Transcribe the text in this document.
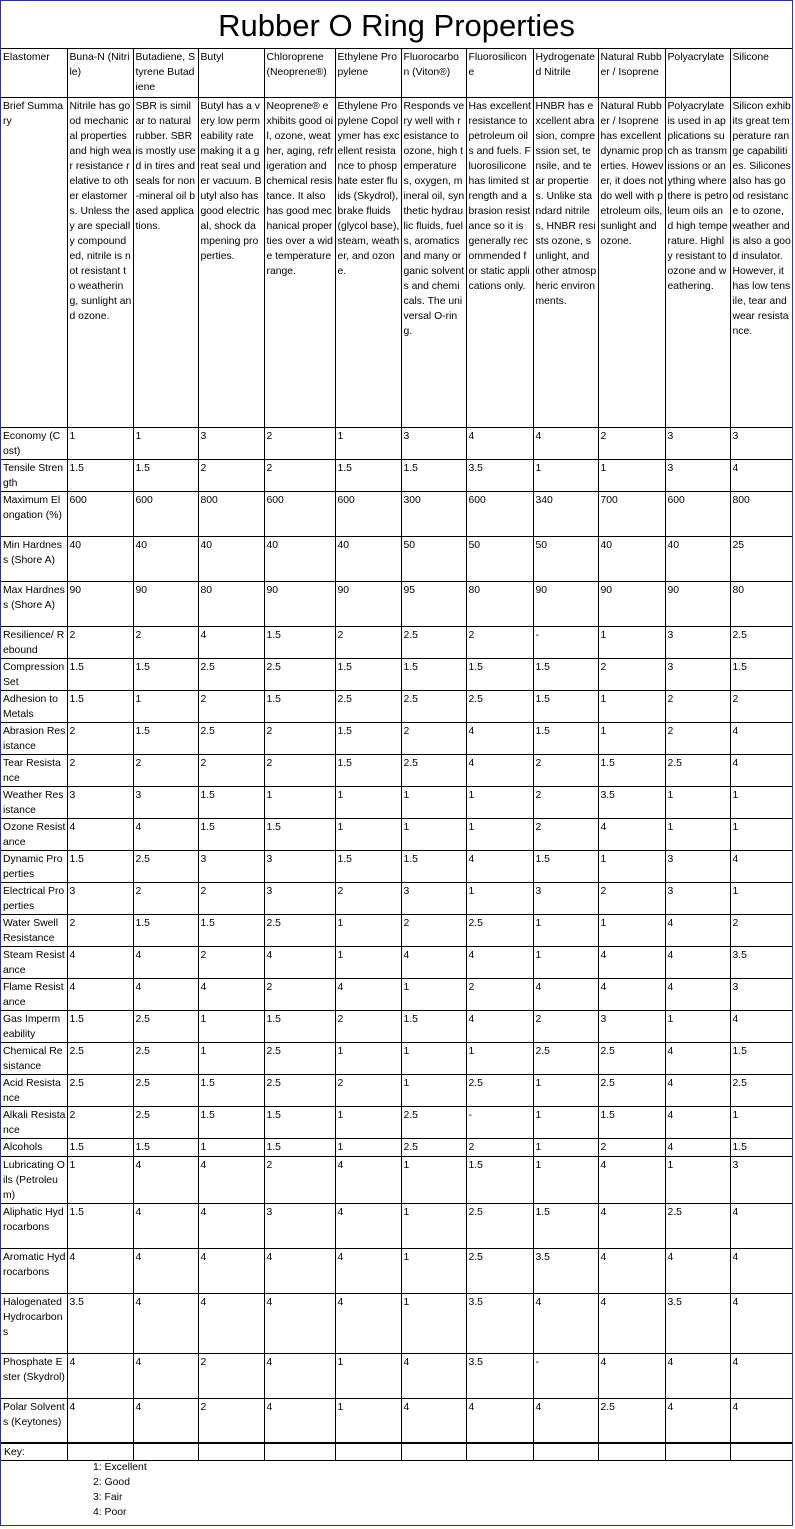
Rubber O Ring Properties
Elastomer	Buna-N (Nitrile)	Butadiene, Styrene Butadiene	Butyl	Chloroprene (Neoprene®)	Ethylene Propylene	Fluorocarbon (Viton®)	Fluorosilicone	Hydrogenated Nitrile	Natural Rubber / Isoprene	Polyacrylate	Silicone
Brief Summary	Nitrile has good mechanical properties and high wear resistance relative to other elastomers. Unless they are specially compounded, nitrile is not resistant to weathering, sunlight and ozone.	SBR is similar to natural rubber. SBR is mostly used in tires and seals for non-mineral oil based applications.	Butyl has a very low permeability rate making it a great seal under vacuum. Butyl also has good electrical, shock dampening properties.	Neoprene® exhibits good oil, ozone, weather, aging, refrigeration and chemical resistance. It also has good mechanical properties over a wide temperature range.	Ethylene Propylene Copolymer has excellent resistance to phosphate ester fluids (Skydrol), brake fluids (glycol base), steam, weather, and ozone.	Responds very well with resistance to ozone, high temperatures, oxygen, mineral oil, synthetic hydraulic fluids, fuels, aromatics and many organic solvents and chemicals. The universal O-ring.	Has excellent resistance to petroleum oils and fuels. Fluorosilicone has limited strength and abrasion resistance so it is generally recommended for static applications only.	HNBR has excellent abrasion, compression set, tensile, and tear properties. Unlike standard nitriles, HNBR resists ozone, sunlight, and other atmospheric environments.	Natural Rubber / Isoprene has excellent dynamic properties. However, it does not do well with petroleum oils, sunlight and ozone.	Polyacrylate is used in applications such as transmissions or anything where there is petroleum oils and high temperature. Highly resistant to ozone and weathering.	Silicon exhibits great temperature range capabilities. Silicones also has good resistance to ozone, weather and is also a good insulator. However, it has low tensile, tear and wear resistance.
Economy (Cost)	1	1	3	2	1	3	4	4	2	3	3
Tensile Strength	1.5	1.5	2	2	1.5	1.5	3.5	1	1	3	4
Maximum Elongation (%)	600	600	800	600	600	300	600	340	700	600	800
Min Hardness (Shore A)	40	40	40	40	40	50	50	50	40	40	25
Max Hardness (Shore A)	90	90	80	90	90	95	80	90	90	90	80
Resilience/ Rebound	2	2	4	1.5	2	2.5	2	-	1	3	2.5
Compression Set	1.5	1.5	2.5	2.5	1.5	1.5	1.5	1.5	2	3	1.5
Adhesion to Metals	1.5	1	2	1.5	2.5	2.5	2.5	1.5	1	2	2
Abrasion Resistance	2	1.5	2.5	2	1.5	2	4	1.5	1	2	4
Tear Resistance	2	2	2	2	1.5	2.5	4	2	1.5	2.5	4
Weather Resistance	3	3	1.5	1	1	1	1	2	3.5	1	1
Ozone Resistance	4	4	1.5	1.5	1	1	1	2	4	1	1
Dynamic Properties	1.5	2.5	3	3	1.5	1.5	4	1.5	1	3	4
Electrical Properties	3	2	2	3	2	3	1	3	2	3	1
Water Swell Resistance	2	1.5	1.5	2.5	1	2	2.5	1	1	4	2
Steam Resistance	4	4	2	4	1	4	4	1	4	4	3.5
Flame Resistance	4	4	4	2	4	1	2	4	4	4	3
Gas Impermeability	1.5	2.5	1	1.5	2	1.5	4	2	3	1	4
Chemical Resistance	2.5	2.5	1	2.5	1	1	1	2.5	2.5	4	1.5
Acid Resistance	2.5	2.5	1.5	2.5	2	1	2.5	1	2.5	4	2.5
Alkali Resistance	2	2.5	1.5	1.5	1	2.5	-	1	1.5	4	1
Alcohols	1.5	1.5	1	1.5	1	2.5	2	1	2	4	1.5
Lubricating Oils (Petroleum)	1	4	4	2	4	1	1.5	1	4	1	3
Aliphatic Hydrocarbons	1.5	4	4	3	4	1	2.5	1.5	4	2.5	4
Aromatic Hydrocarbons	4	4	4	4	4	1	2.5	3.5	4	4	4
Halogenated Hydrocarbons	3.5	4	4	4	4	1	3.5	4	4	3.5	4
Phosphate Ester (Skydrol)	4	4	2	4	1	4	3.5	-	4	4	4
Polar Solvents (Keytones)	4	4	2	4	1	4	4	4	2.5	4	4

Key:
1: Excellent
2: Good
3: Fair
4: Poor
